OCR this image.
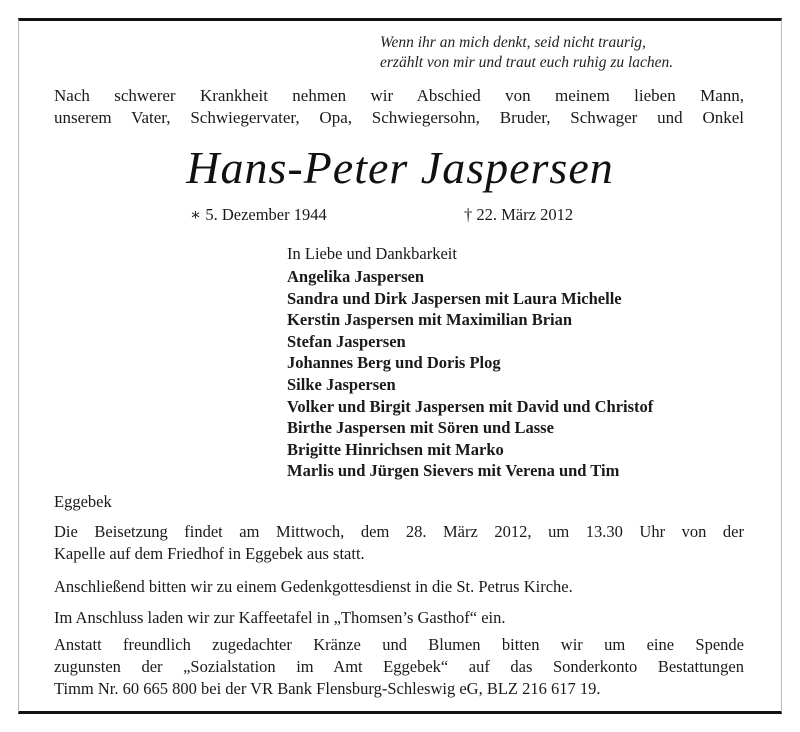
Wenn ihr an mich denkt, seid nicht traurig,
erzählt von mir und traut euch ruhig zu lachen.
Nach schwerer Krankheit nehmen wir Abschied von meinem lieben Mann,
unserem Vater, Schwiegervater, Opa, Schwiegersohn, Bruder, Schwager und Onkel
Hans-Peter Jaspersen
∗ 5. Dezember 1944	† 22. März 2012
In Liebe und Dankbarkeit
Angelika Jaspersen
Sandra und Dirk Jaspersen mit Laura Michelle
Kerstin Jaspersen mit Maximilian Brian
Stefan Jaspersen
Johannes Berg und Doris Plog
Silke Jaspersen
Volker und Birgit Jaspersen mit David und Christof
Birthe Jaspersen mit Sören und Lasse
Brigitte Hinrichsen mit Marko
Marlis und Jürgen Sievers mit Verena und Tim
Eggebek
Die Beisetzung findet am Mittwoch, dem 28. März 2012, um 13.30 Uhr von der
Kapelle auf dem Friedhof in Eggebek aus statt.
Anschließend bitten wir zu einem Gedenkgottesdienst in die St. Petrus Kirche.
Im Anschluss laden wir zur Kaffeetafel in „Thomsen’s Gasthof“ ein.
Anstatt freundlich zugedachter Kränze und Blumen bitten wir um eine Spende
zugunsten der „Sozialstation im Amt Eggebek“ auf das Sonderkonto Bestattungen
Timm Nr. 60 665 800 bei der VR Bank Flensburg-Schleswig eG, BLZ 216 617 19.
